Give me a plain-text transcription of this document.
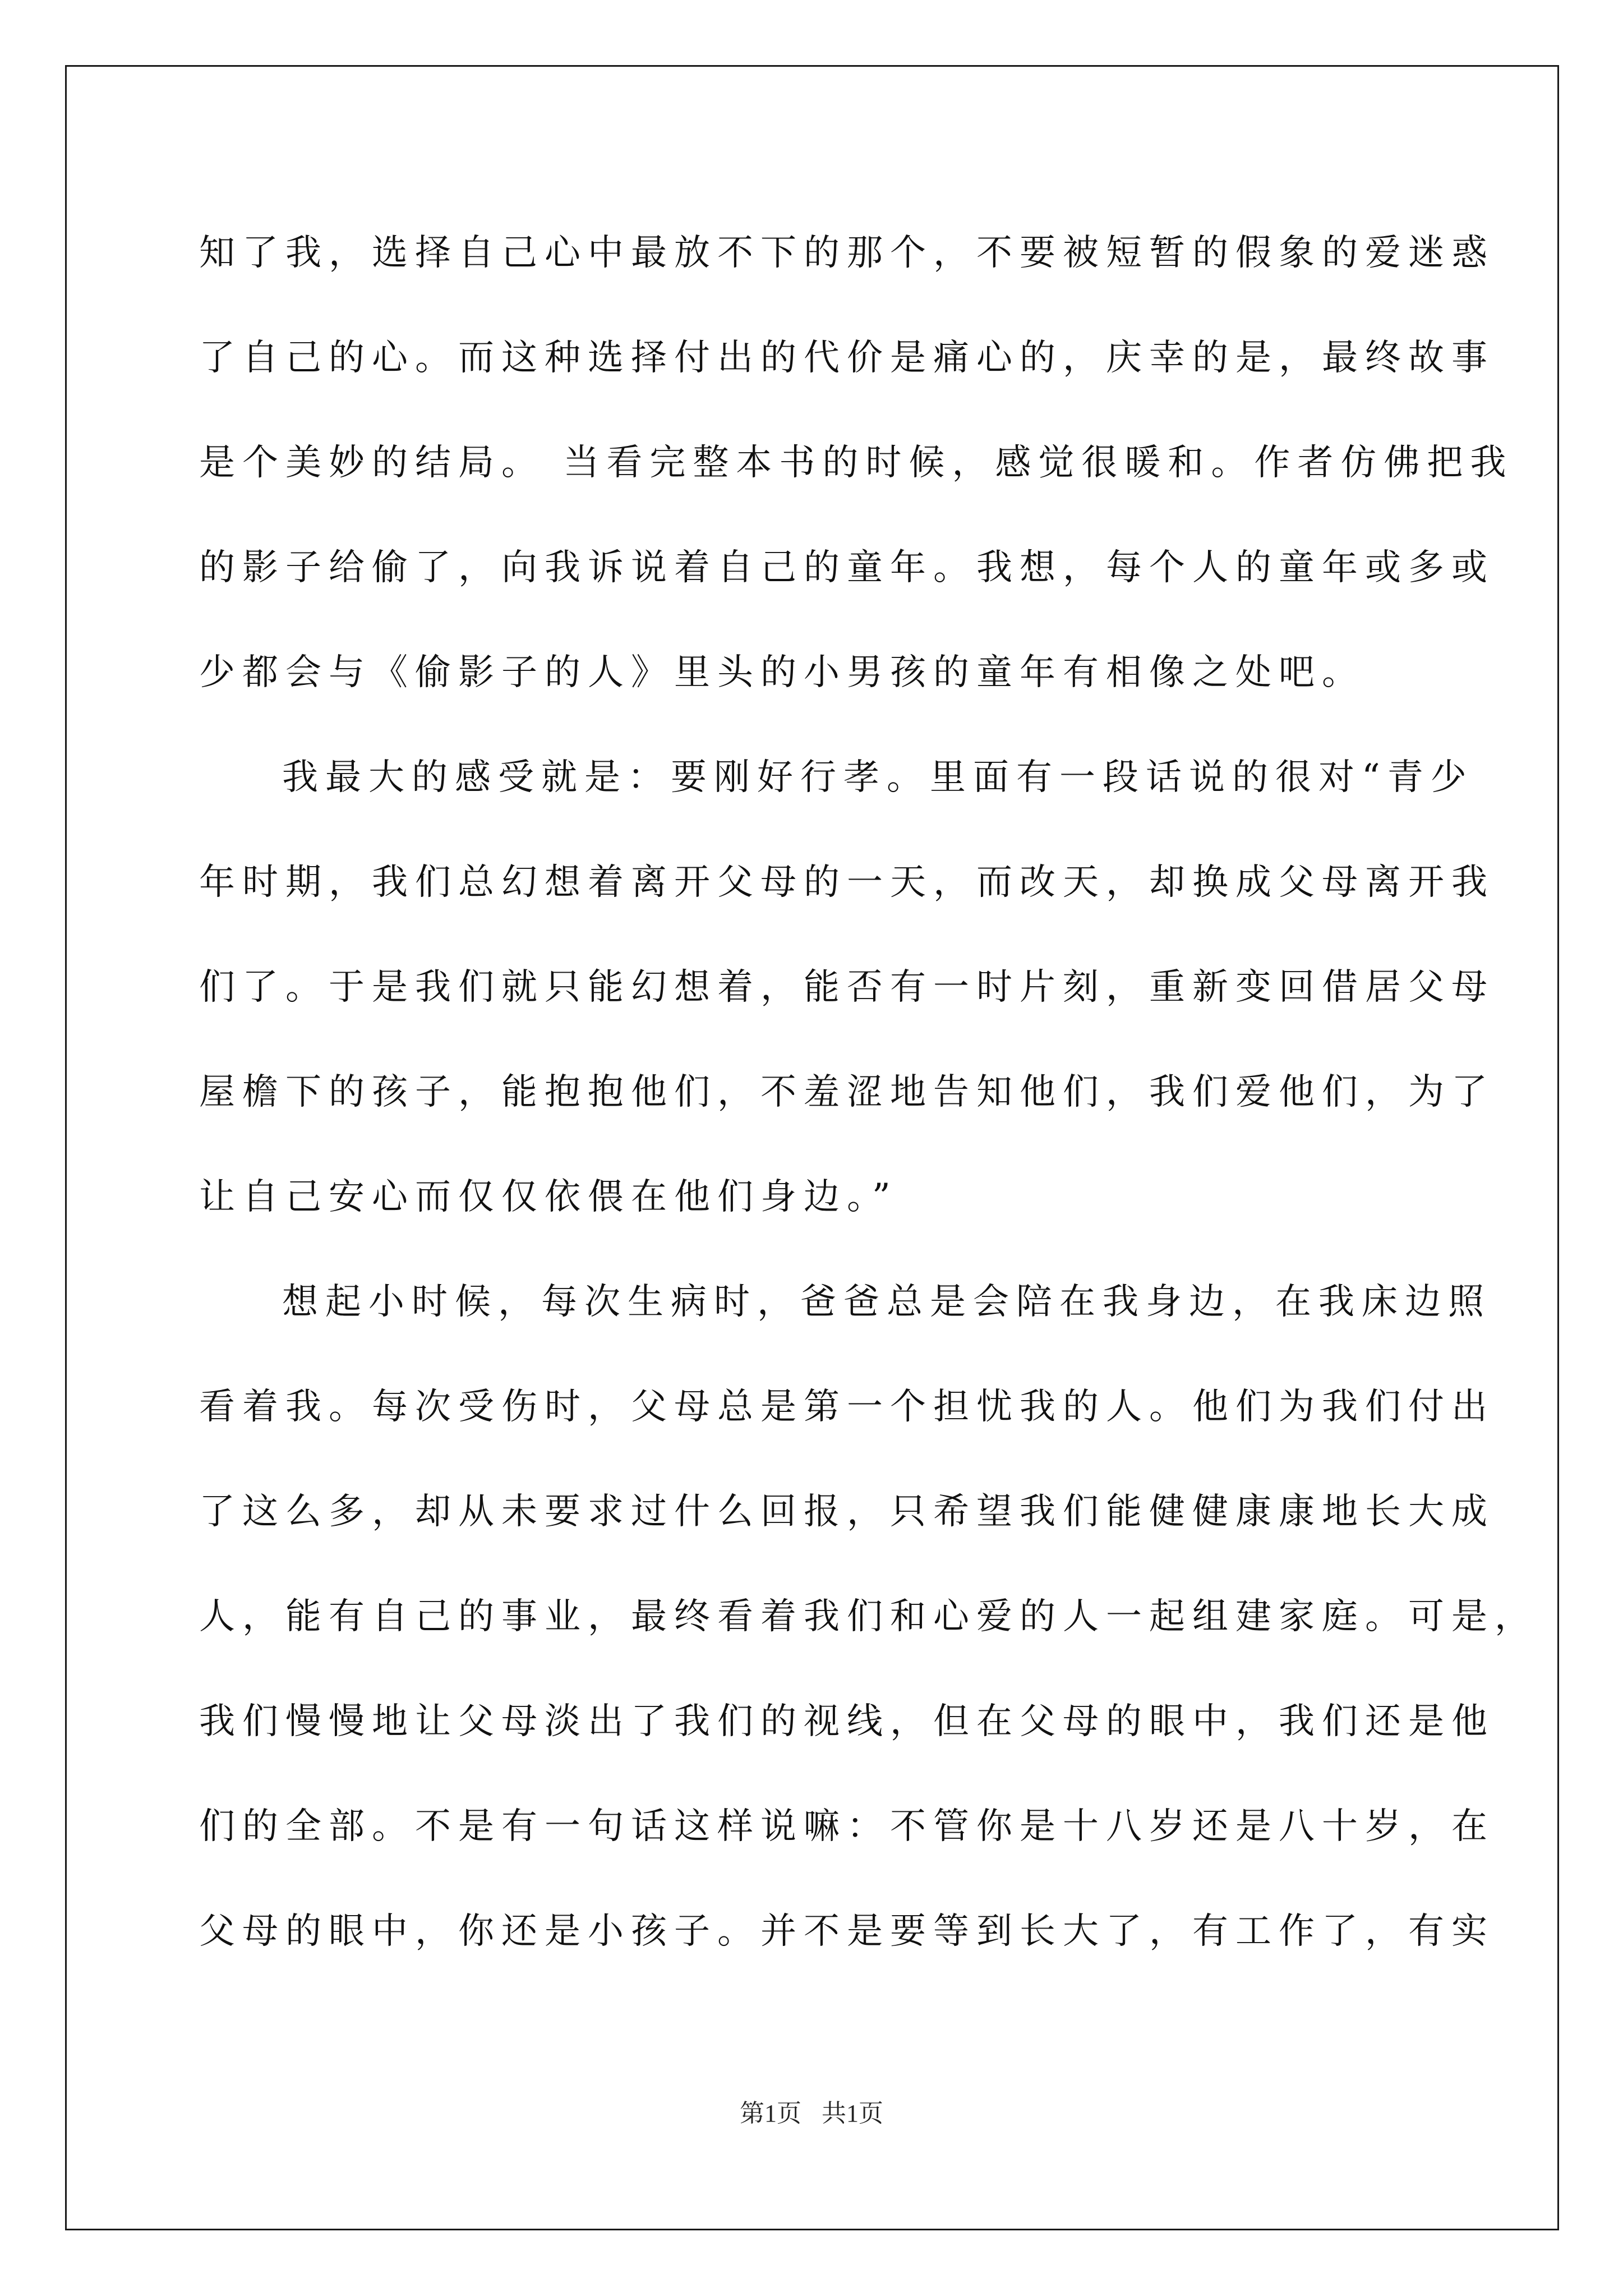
知了我，选择自己心中最放不下的那个，不要被短暂的假象的爱迷惑
了自己的心。而这种选择付出的代价是痛心的，庆幸的是，最终故事
是个美妙的结局。 当看完整本书的时候，感觉很暖和。作者仿佛把我
的影子给偷了，向我诉说着自己的童年。我想，每个人的童年或多或
少都会与《偷影子的人》里头的小男孩的童年有相像之处吧。
我最大的感受就是：要刚好行孝。里面有一段话说的很对“青少
年时期，我们总幻想着离开父母的一天，而改天，却换成父母离开我
们了。于是我们就只能幻想着，能否有一时片刻，重新变回借居父母
屋檐下的孩子，能抱抱他们，不羞涩地告知他们，我们爱他们，为了
让自己安心而仅仅依偎在他们身边。”
想起小时候，每次生病时，爸爸总是会陪在我身边，在我床边照
看着我。每次受伤时，父母总是第一个担忧我的人。他们为我们付出
了这么多，却从未要求过什么回报，只希望我们能健健康康地长大成
人，能有自己的事业，最终看着我们和心爱的人一起组建家庭。可是，
我们慢慢地让父母淡出了我们的视线，但在父母的眼中，我们还是他
们的全部。不是有一句话这样说嘛：不管你是十八岁还是八十岁，在
父母的眼中，你还是小孩子。并不是要等到长大了，有工作了，有实
第1页 共1页
